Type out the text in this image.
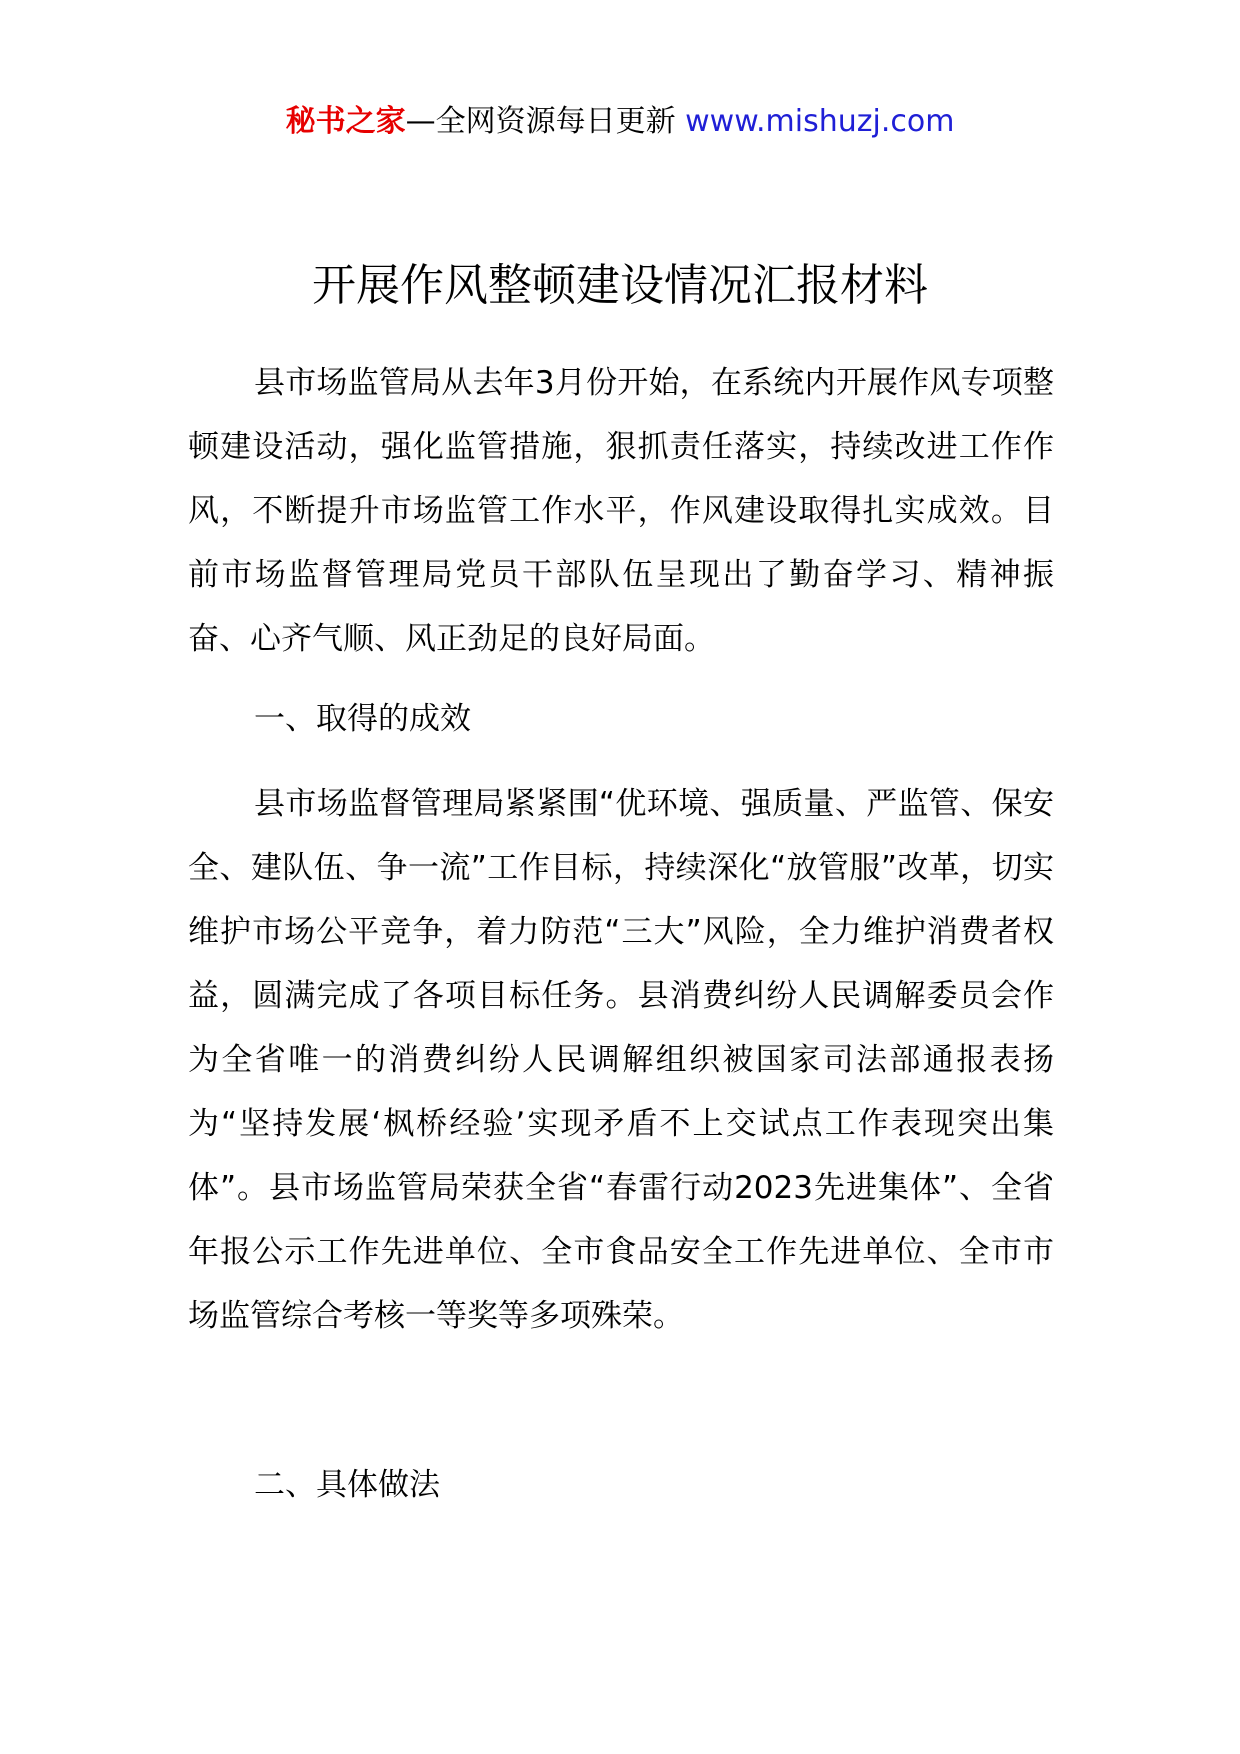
秘书之家—全网资源每日更新 www.mishuzj.com
开展作风整顿建设情况汇报材料

县市场监管局从去年3月份开始，在系统内开展作风专项整顿建设活动，强化监管措施，狠抓责任落实，持续改进工作作风，不断提升市场监管工作水平，作风建设取得扎实成效。目前市场监督管理局党员干部队伍呈现出了勤奋学习、精神振奋、心齐气顺、风正劲足的良好局面。

一、取得的成效

县市场监督管理局紧紧围“优环境、强质量、严监管、保安全、建队伍、争一流”工作目标，持续深化“放管服”改革，切实维护市场公平竞争，着力防范“三大”风险，全力维护消费者权益，圆满完成了各项目标任务。县消费纠纷人民调解委员会作为全省唯一的消费纠纷人民调解组织被国家司法部通报表扬为“坚持发展‘枫桥经验’实现矛盾不上交试点工作表现突出集体”。县市场监管局荣获全省“春雷行动2023先进集体”、全省年报公示工作先进单位、全市食品安全工作先进单位、全市市场监管综合考核一等奖等多项殊荣。

二、具体做法
